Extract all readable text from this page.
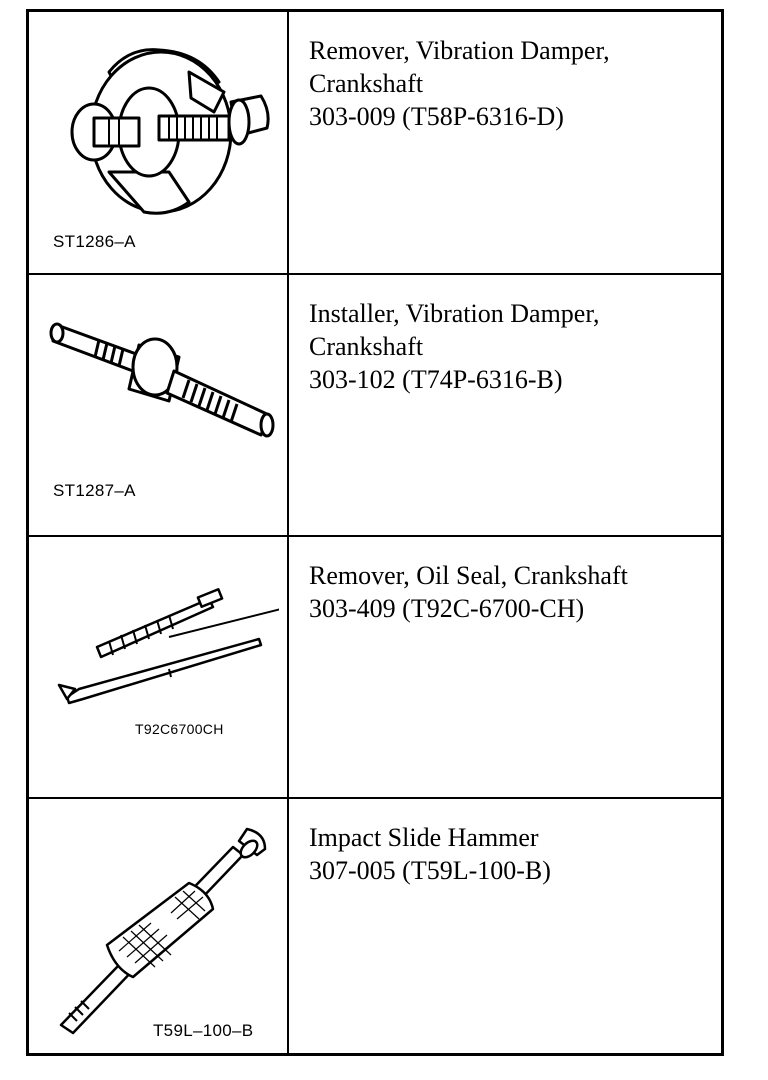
ST1286–A
Remover, Vibration Damper,
Crankshaft
303-009 (T58P-6316-D)
ST1287–A
Installer, Vibration Damper,
Crankshaft
303-102 (T74P-6316-B)
T92C6700CH
Remover, Oil Seal, Crankshaft
303-409 (T92C-6700-CH)
T59L–100–B
Impact Slide Hammer
307-005 (T59L-100-B)
